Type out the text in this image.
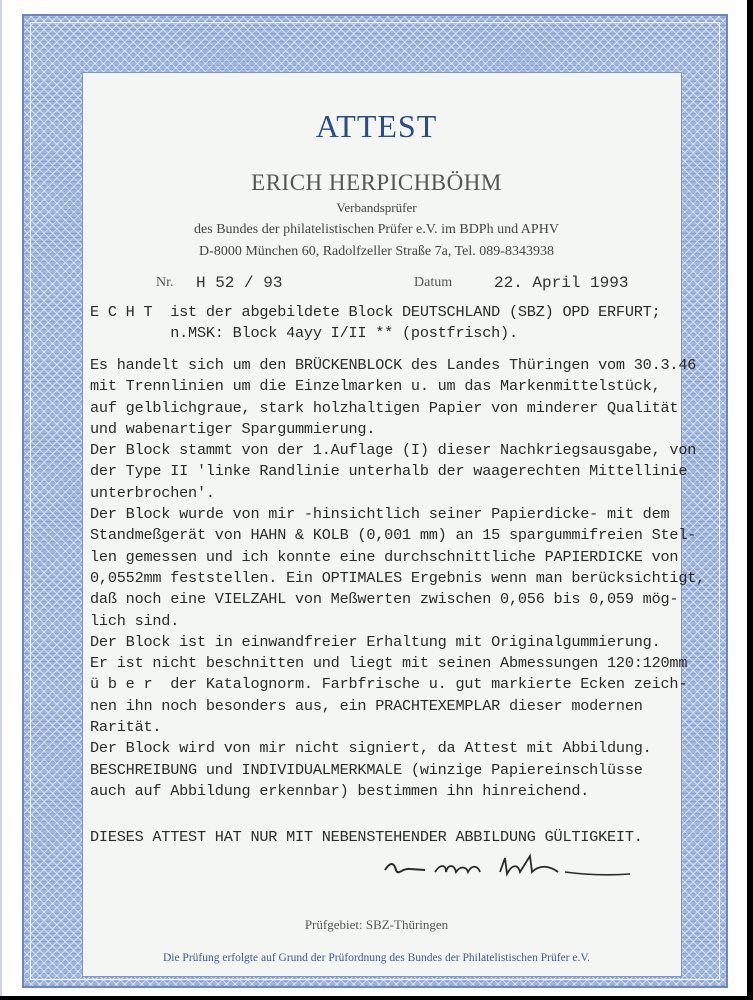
ATTEST
ERICH HERPICHBÖHM
Verbandsprüfer
des Bundes der philatelistischen Prüfer e.V. im BDPh und APHV
D-8000 München 60, Radolfzeller Straße 7a, Tel. 089-8343938
Nr. H 52 / 93	Datum	22. April 1993
E C H T  ist der abgebildete Block DEUTSCHLAND (SBZ) OPD ERFURT;
n.MSK: Block 4ayy I/II ** (postfrisch).
Es handelt sich um den BRÜCKENBLOCK des Landes Thüringen vom 30.3.46
mit Trennlinien um die Einzelmarken u. um das Markenmittelstück,
auf gelblichgraue, stark holzhaltigen Papier von minderer Qualität
und wabenartiger Spargummierung.
Der Block stammt von der 1.Auflage (I) dieser Nachkriegsausgabe, von
der Type II 'linke Randlinie unterhalb der waagerechten Mittellinie
unterbrochen'.
Der Block wurde von mir -hinsichtlich seiner Papierdicke- mit dem
Standmeßgerät von HAHN & KOLB (0,001 mm) an 15 spargummifreien Stel-
len gemessen und ich konnte eine durchschnittliche PAPIERDICKE von
0,0552mm feststellen. Ein OPTIMALES Ergebnis wenn man berücksichtigt,
daß noch eine VIELZAHL von Meßwerten zwischen 0,056 bis 0,059 mög-
lich sind.
Der Block ist in einwandfreier Erhaltung mit Originalgummierung.
Er ist nicht beschnitten und liegt mit seinen Abmessungen 120:120mm
ü b e r  der Katalognorm. Farbfrische u. gut markierte Ecken zeich-
nen ihn noch besonders aus, ein PRACHTEXEMPLAR dieser modernen
Rarität.
Der Block wird von mir nicht signiert, da Attest mit Abbildung.
BESCHREIBUNG und INDIVIDUALMERKMALE (winzige Papiereinschlüsse
auch auf Abbildung erkennbar) bestimmen ihn hinreichend.
DIESES ATTEST HAT NUR MIT NEBENSTEHENDER ABBILDUNG GÜLTIGKEIT.
Prüfgebiet: SBZ-Thüringen
Die Prüfung erfolgte auf Grund der Prüfordnung des Bundes der Philatelistischen Prüfer e.V.
